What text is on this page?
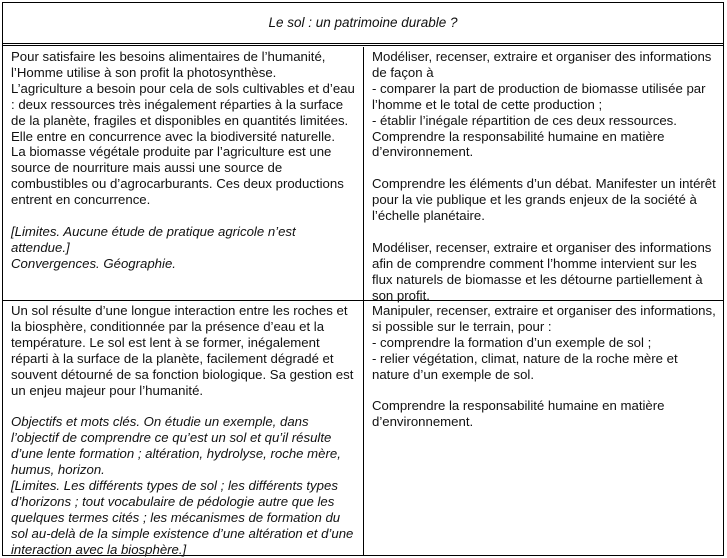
Le sol : un patrimoine durable ?

Pour satisfaire les besoins alimentaires de l’humanité, l’Homme utilise à son profit la photosynthèse.

L’agriculture a besoin pour cela de sols cultivables et d’eau : deux ressources très inégalement réparties à la surface de la planète, fragiles et disponibles en quantités limitées. Elle entre en concurrence avec la biodiversité naturelle.

La biomasse végétale produite par l’agriculture est une source de nourriture mais aussi une source de combustibles ou d’agrocarburants. Ces deux productions entrent en concurrence.

[Limites. Aucune étude de pratique agricole n’est attendue.]

Convergences. Géographie.

Modéliser, recenser, extraire et organiser des informations de façon à

- comparer la part de production de biomasse utilisée par l’homme et le total de cette production ;

- établir l’inégale répartition de ces deux ressources.

Comprendre la responsabilité humaine en matière d’environnement.

Comprendre les éléments d’un débat. Manifester un intérêt pour la vie publique et les grands enjeux de la société à l’échelle planétaire.

Modéliser, recenser, extraire et organiser des informations afin de comprendre comment l’homme intervient sur les flux naturels de biomasse et les détourne partiellement à son profit.

Un sol résulte d’une longue interaction entre les roches et la biosphère, conditionnée par la présence d’eau et la température. Le sol est lent à se former, inégalement réparti à la surface de la planète, facilement dégradé et souvent détourné de sa fonction biologique. Sa gestion est un enjeu majeur pour l’humanité.

Objectifs et mots clés. On étudie un exemple, dans l’objectif de comprendre ce qu’est un sol et qu’il résulte d’une lente formation ; altération, hydrolyse, roche mère, humus, horizon.

[Limites. Les différents types de sol ; les différents types d’horizons ; tout vocabulaire de pédologie autre que les quelques termes cités ; les mécanismes de formation du sol au-delà de la simple existence d’une altération et d’une interaction avec la biosphère.]

Manipuler, recenser, extraire et organiser des informations, si possible sur le terrain, pour :

- comprendre la formation d’un exemple de sol ;

- relier végétation, climat, nature de la roche mère et nature d’un exemple de sol.

Comprendre la responsabilité humaine en matière d’environnement.
